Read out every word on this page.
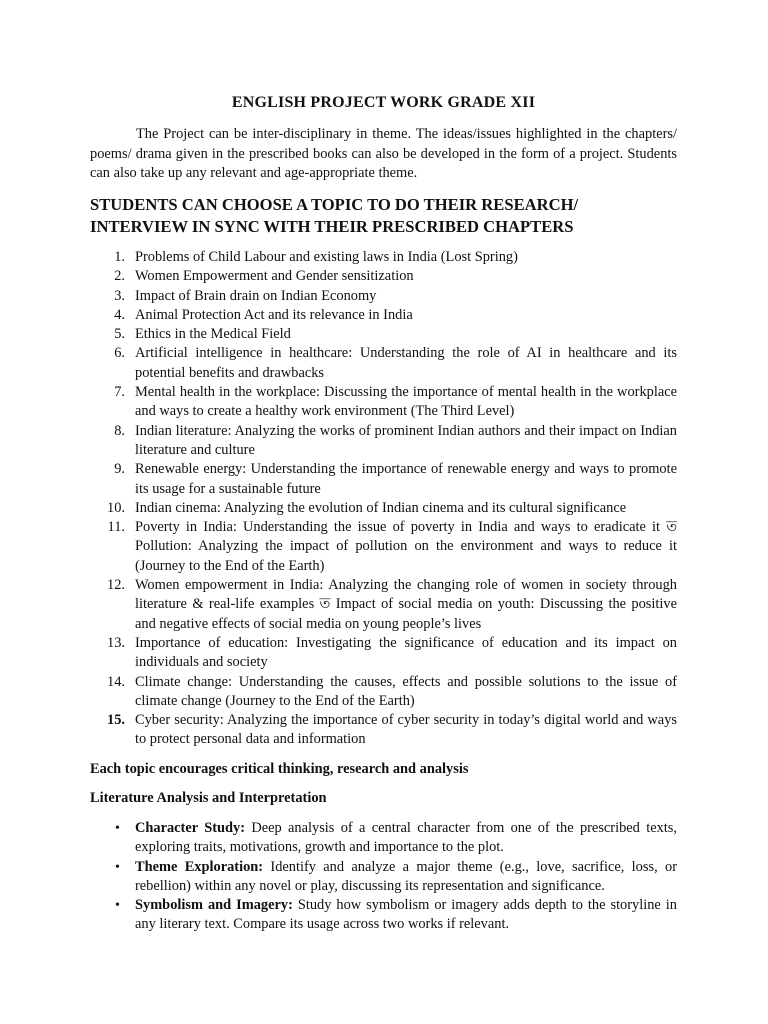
ENGLISH PROJECT WORK GRADE XII

The Project can be inter-disciplinary in theme. The ideas/issues highlighted in the chapters/ poems/ drama given in the prescribed books can also be developed in the form of a project. Students can also take up any relevant and age-appropriate theme.

STUDENTS CAN CHOOSE A TOPIC TO DO THEIR RESEARCH/ INTERVIEW IN SYNC WITH THEIR PRESCRIBED CHAPTERS
1. Problems of Child Labour and existing laws in India (Lost Spring)
2. Women Empowerment and Gender sensitization
3. Impact of Brain drain on Indian Economy
4. Animal Protection Act and its relevance in India
5. Ethics in the Medical Field
6. Artificial intelligence in healthcare: Understanding the role of AI in healthcare and its potential benefits and drawbacks
7. Mental health in the workplace: Discussing the importance of mental health in the workplace and ways to create a healthy work environment (The Third Level)
8. Indian literature: Analyzing the works of prominent Indian authors and their impact on Indian literature and culture
9. Renewable energy: Understanding the importance of renewable energy and ways to promote its usage for a sustainable future
10. Indian cinema: Analyzing the evolution of Indian cinema and its cultural significance
11. Poverty in India: Understanding the issue of poverty in India and ways to eradicate it ত Pollution: Analyzing the impact of pollution on the environment and ways to reduce it (Journey to the End of the Earth)
12. Women empowerment in India: Analyzing the changing role of women in society through literature & real-life examples ত Impact of social media on youth: Discussing the positive and negative effects of social media on young people’s lives
13. Importance of education: Investigating the significance of education and its impact on individuals and society
14. Climate change: Understanding the causes, effects and possible solutions to the issue of climate change (Journey to the End of the Earth)
15. Cyber security: Analyzing the importance of cyber security in today’s digital world and ways to protect personal data and information

Each topic encourages critical thinking, research and analysis

Literature Analysis and Interpretation

• Character Study: Deep analysis of a central character from one of the prescribed texts, exploring traits, motivations, growth and importance to the plot.
• Theme Exploration: Identify and analyze a major theme (e.g., love, sacrifice, loss, or rebellion) within any novel or play, discussing its representation and significance.
• Symbolism and Imagery: Study how symbolism or imagery adds depth to the storyline in any literary text. Compare its usage across two works if relevant.
